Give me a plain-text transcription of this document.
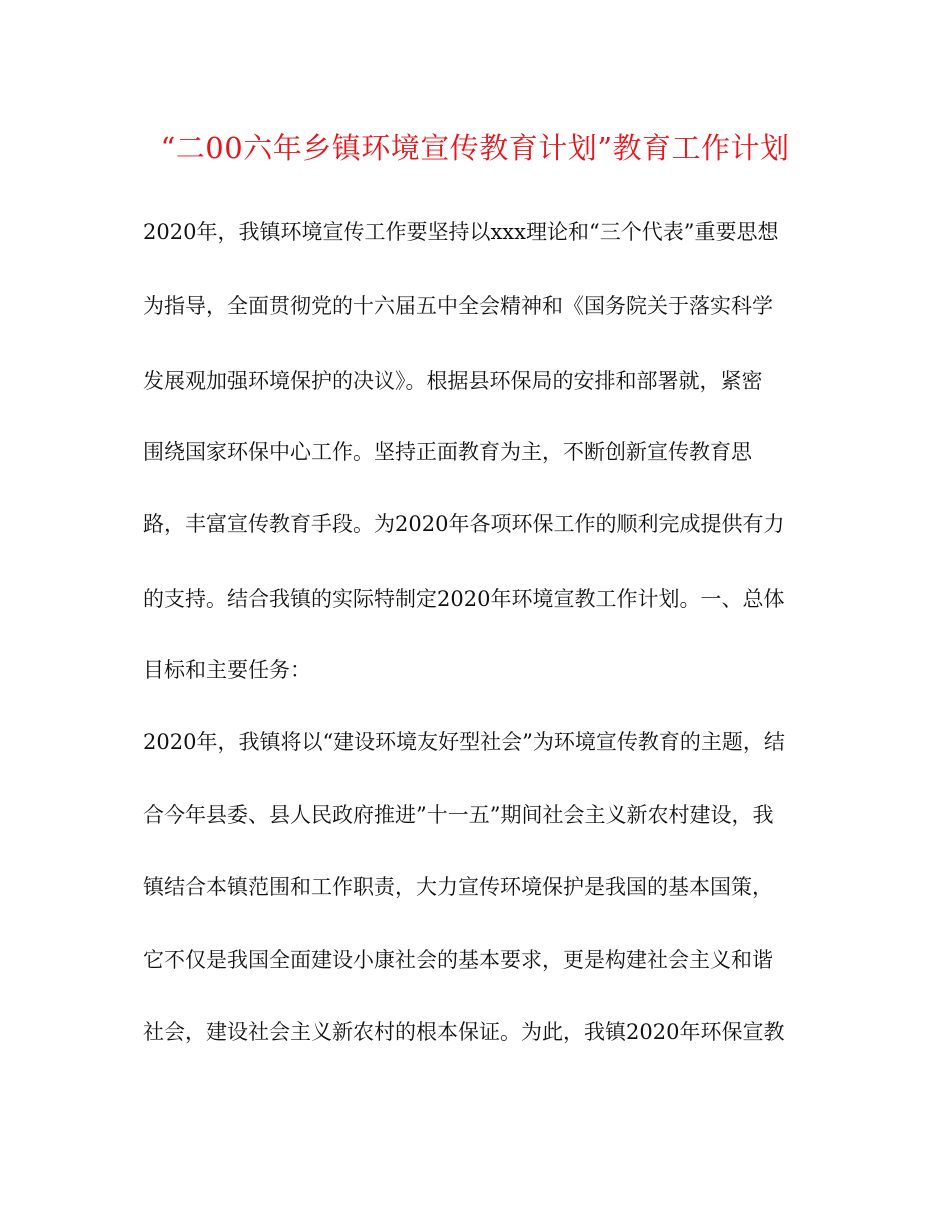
“二00六年乡镇环境宣传教育计划”教育工作计划
2020年，我镇环境宣传工作要坚持以xxx理论和“三个代表”重要思想
为指导，全面贯彻党的十六届五中全会精神和《国务院关于落实科学
发展观加强环境保护的决议》。根据县环保局的安排和部署就，紧密
围绕国家环保中心工作。坚持正面教育为主，不断创新宣传教育思
路，丰富宣传教育手段。为2020年各项环保工作的顺利完成提供有力
的支持。结合我镇的实际特制定2020年环境宣教工作计划。一、总体
目标和主要任务：
2020年，我镇将以“建设环境友好型社会”为环境宣传教育的主题，结
合今年县委、县人民政府推进”十一五”期间社会主义新农村建设，我
镇结合本镇范围和工作职责，大力宣传环境保护是我国的基本国策，
它不仅是我国全面建设小康社会的基本要求，更是构建社会主义和谐
社会，建设社会主义新农村的根本保证。为此，我镇2020年环保宣教
